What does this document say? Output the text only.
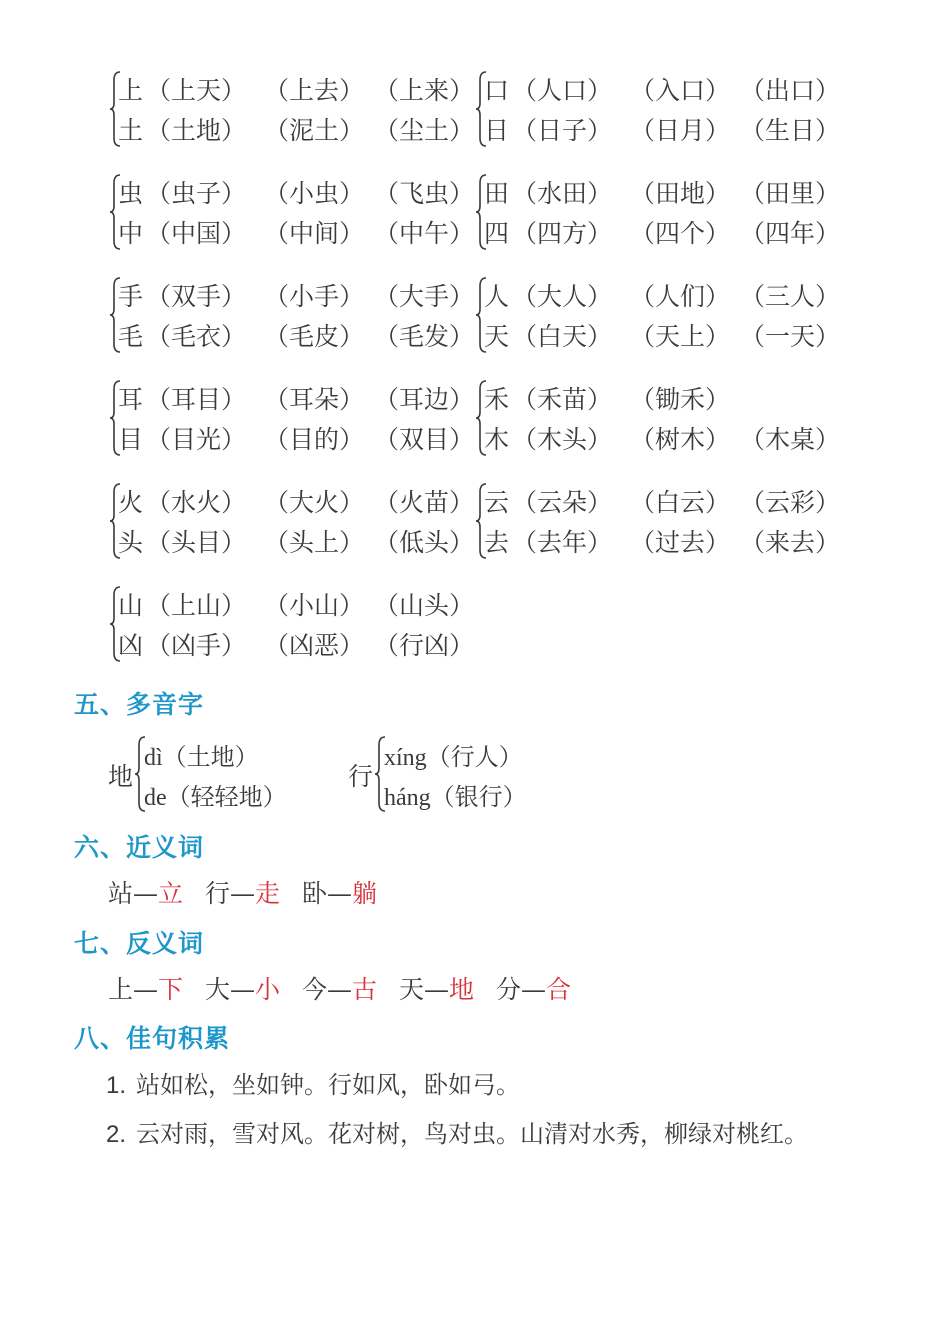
上 （上天） （上去） （上来）
土 （土地） （泥土） （尘土）
口 （人口） （入口） （出口）
日 （日子） （日月） （生日）
虫 （虫子） （小虫） （飞虫）
中 （中国） （中间） （中午）
田 （水田） （田地） （田里）
四 （四方） （四个） （四年）
手 （双手） （小手） （大手）
毛 （毛衣） （毛皮） （毛发）
人 （大人） （人们） （三人）
天 （白天） （天上） （一天）
耳 （耳目） （耳朵） （耳边）
目 （目光） （目的） （双目）
禾 （禾苗） （锄禾）
木 （木头） （树木） （木桌）
火 （水火） （大火） （火苗）
头 （头目） （头上） （低头）
云 （云朵） （白云） （云彩）
去 （去年） （过去） （来去）
山 （上山） （小山） （山头）
凶 （凶手） （凶恶） （行凶）
五、多音字
地
dì（土地）
de（轻轻地）
行
xíng（行人）
háng（银行）
六、近义词
站—立 行—走 卧—躺
七、反义词
上—下 大—小 今—古 天—地 分—合
八、佳句积累
1. 站如松，坐如钟。行如风，卧如弓。
2. 云对雨，雪对风。花对树，鸟对虫。山清对水秀，柳绿对桃红。
